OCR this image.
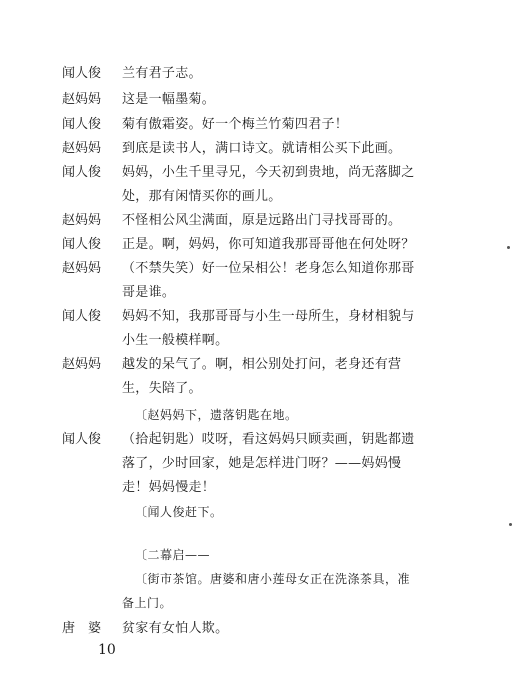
闻人俊 兰有君子志。
赵妈妈 这是一幅墨菊。
闻人俊 菊有傲霜姿。好一个梅兰竹菊四君子！
赵妈妈 到底是读书人，满口诗文。就请相公买下此画。
闻人俊 妈妈，小生千里寻兄，今天初到贵地，尚无落脚之
处，那有闲情买你的画儿。
赵妈妈 不怪相公风尘满面，原是远路出门寻找哥哥的。
闻人俊 正是。啊，妈妈，你可知道我那哥哥他在何处呀？
赵妈妈 （不禁失笑）好一位呆相公！老身怎么知道你那哥
哥是谁。
闻人俊 妈妈不知，我那哥哥与小生一母所生，身材相貌与
小生一般模样啊。
赵妈妈 越发的呆气了。啊，相公别处打问，老身还有营
生，失陪了。
〔赵妈妈下，遗落钥匙在地。
闻人俊 （拾起钥匙）哎呀，看这妈妈只顾卖画，钥匙都遗
落了，少时回家，她是怎样进门呀？——妈妈慢
走！妈妈慢走！
〔闻人俊赶下。
〔二幕启——
〔街市茶馆。唐婆和唐小莲母女正在洗涤茶具，准
备上门。
唐　婆 贫家有女怕人欺。
10
